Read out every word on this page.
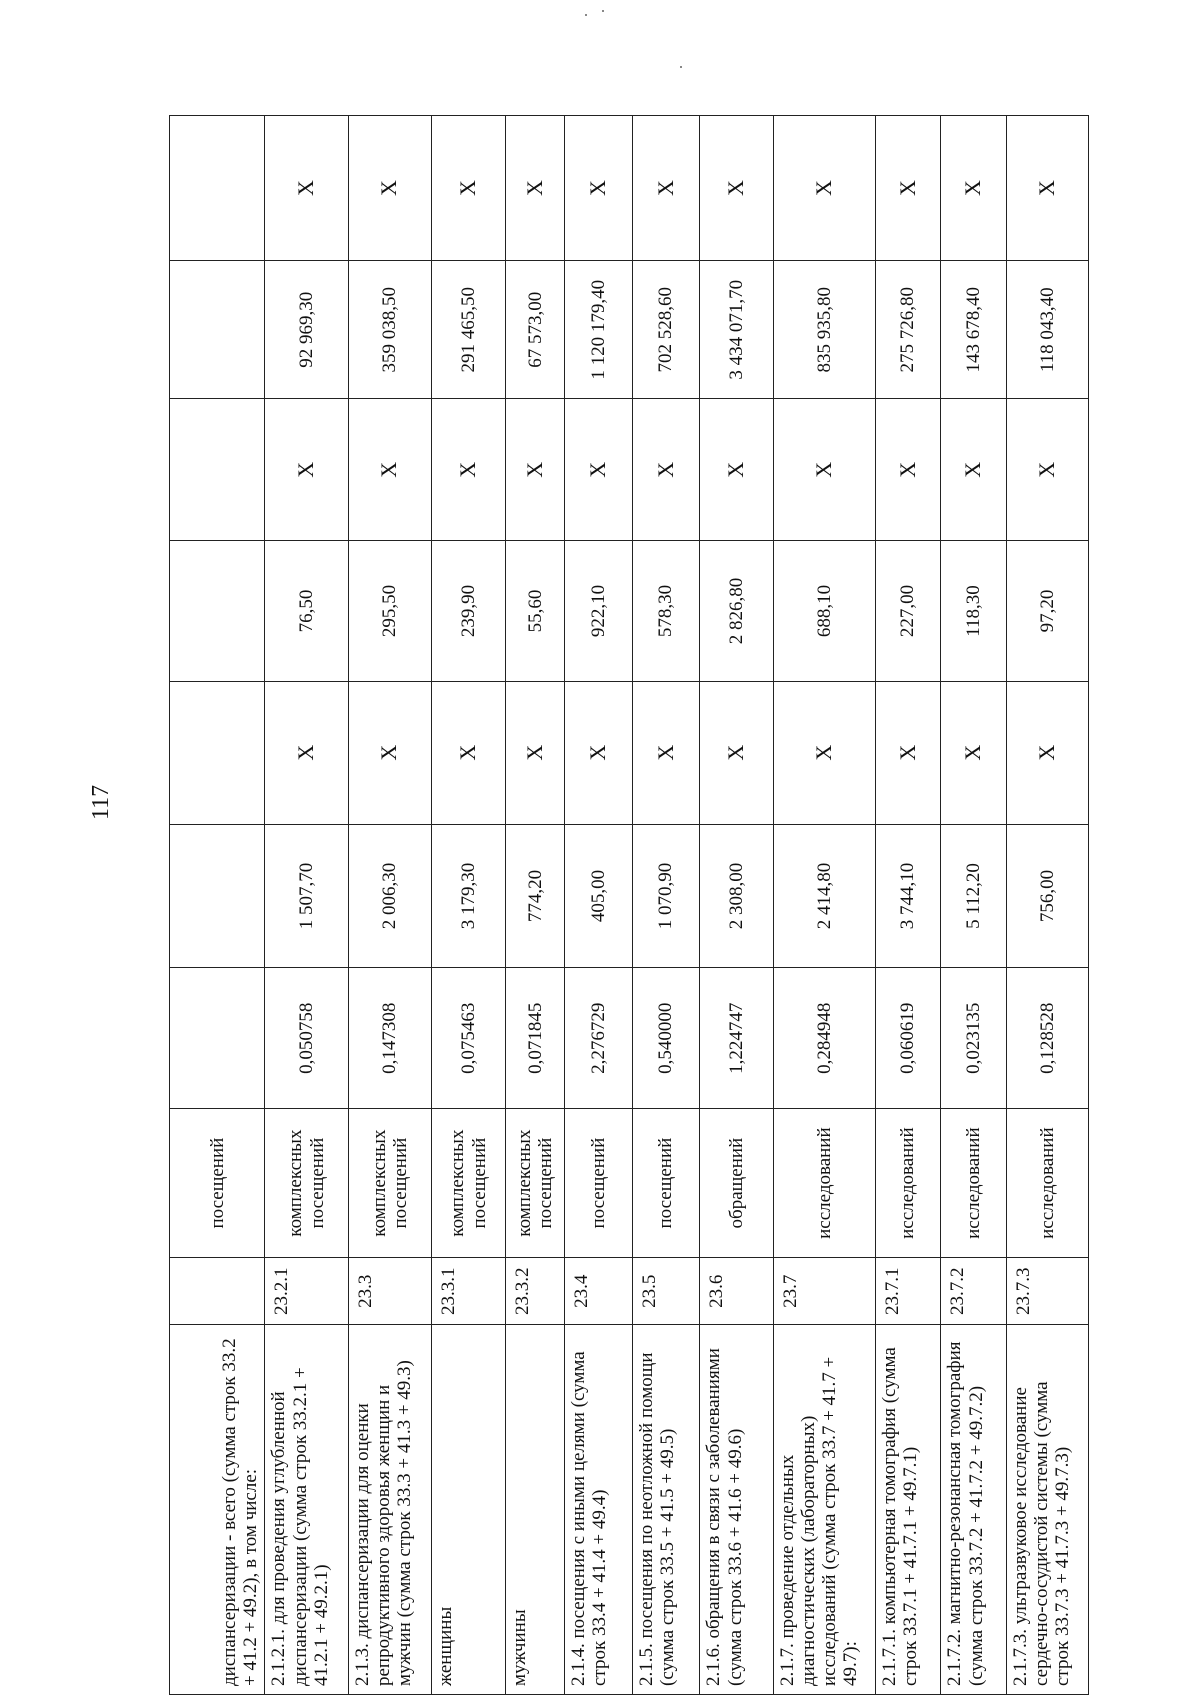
117
диспансеризации - всего (сумма строк 33.2 + 41.2 + 49.2), в том числе:		посещений							
2.1.2.1. для проведения углубленной диспансеризации (сумма строк 33.2.1 + 41.2.1 + 49.2.1)	23.2.1	комплексных посещений	0,050758	1 507,70	Х	76,50	Х	92 969,30	Х
2.1.3. диспансеризации для оценки репродуктивного здоровья женщин и мужчин (сумма строк 33.3 + 41.3 + 49.3)	23.3	комплексных посещений	0,147308	2 006,30	Х	295,50	Х	359 038,50	Х
женщины	23.3.1	комплексных посещений	0,075463	3 179,30	Х	239,90	Х	291 465,50	Х
мужчины	23.3.2	комплексных посещений	0,071845	774,20	Х	55,60	Х	67 573,00	Х
2.1.4. посещения с иными целями (сумма строк 33.4 + 41.4 + 49.4)	23.4	посещений	2,276729	405,00	Х	922,10	Х	1 120 179,40	Х
2.1.5. посещения по неотложной помощи (сумма строк 33.5 + 41.5 + 49.5)	23.5	посещений	0,540000	1 070,90	Х	578,30	Х	702 528,60	Х
2.1.6. обращения в связи с заболеваниями (сумма строк 33.6 + 41.6 + 49.6)	23.6	обращений	1,224747	2 308,00	Х	2 826,80	Х	3 434 071,70	Х
2.1.7. проведение отдельных диагностических (лабораторных) исследований (сумма строк 33.7 + 41.7 + 49.7):	23.7	исследований	0,284948	2 414,80	Х	688,10	Х	835 935,80	Х
2.1.7.1. компьютерная томография (сумма строк 33.7.1 + 41.7.1 + 49.7.1)	23.7.1	исследований	0,060619	3 744,10	Х	227,00	Х	275 726,80	Х
2.1.7.2. магнитно-резонансная томография (сумма строк 33.7.2 + 41.7.2 + 49.7.2)	23.7.2	исследований	0,023135	5 112,20	Х	118,30	Х	143 678,40	Х
2.1.7.3. ультразвуковое исследование сердечно-сосудистой системы (сумма строк 33.7.3 + 41.7.3 + 49.7.3)	23.7.3	исследований	0,128528	756,00	Х	97,20	Х	118 043,40	Х
